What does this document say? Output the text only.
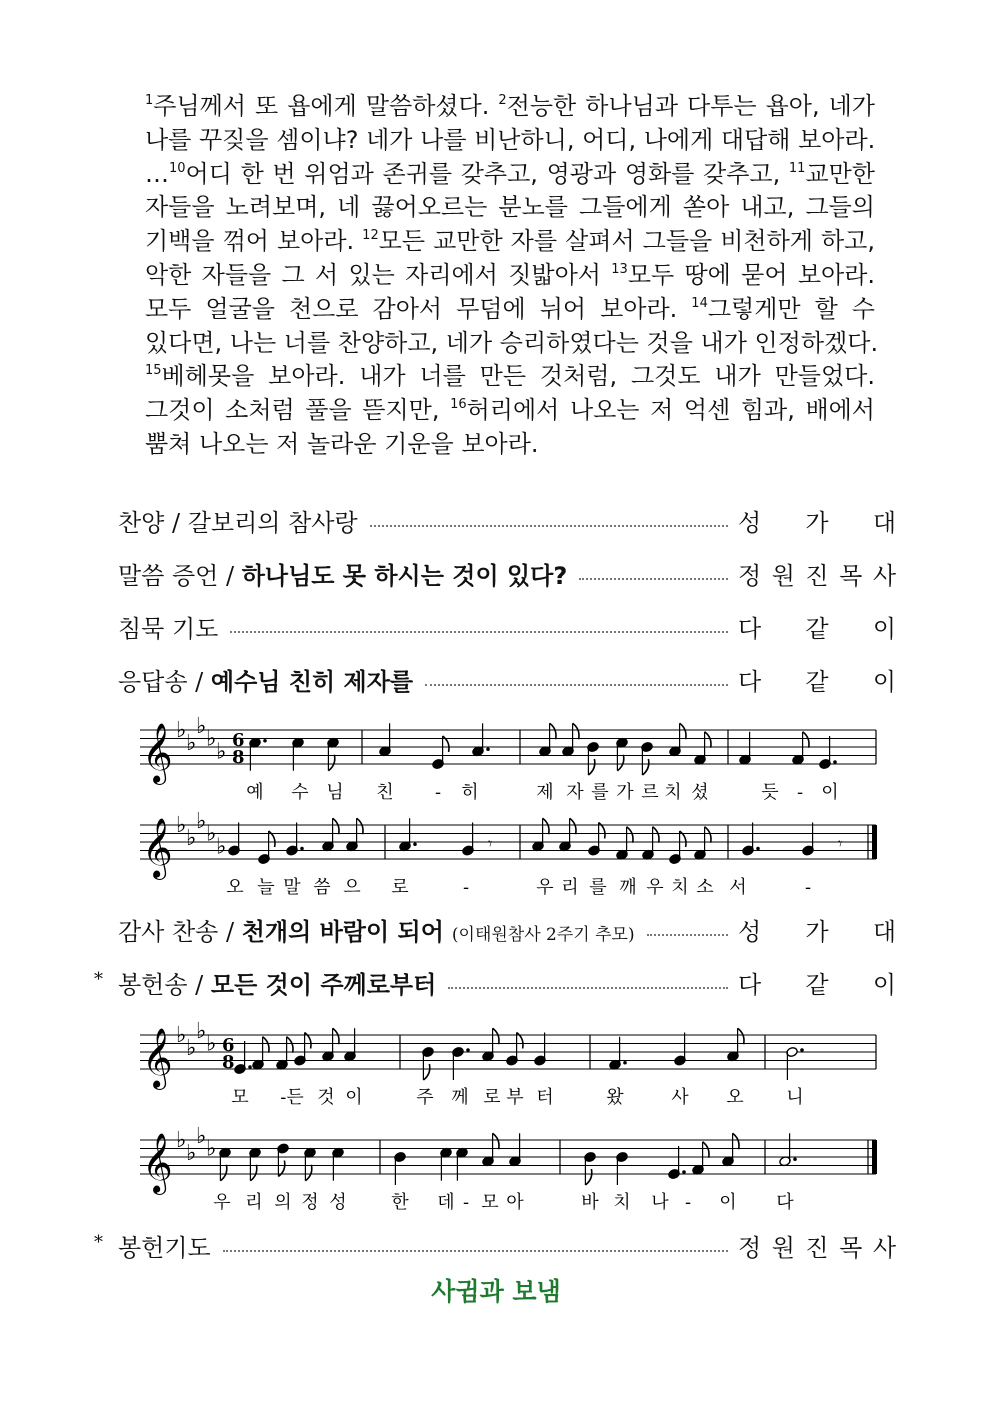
$^1$주님께서 또 욥에게 말씀하셨다. $^2$전능한 하나님과 다투는 욥아, 네가
나를 꾸짖을 셈이냐? 네가 나를 비난하니, 어디, 나에게 대답해 보아라.
…$^{10}$어디 한 번 위엄과 존귀를 갖추고, 영광과 영화를 갖추고, $^{11}$교만한
자들을 노려보며, 네 끓어오르는 분노를 그들에게 쏟아 내고, 그들의
기백을 꺾어 보아라. $^{12}$모든 교만한 자를 살펴서 그들을 비천하게 하고,
악한 자들을 그 서 있는 자리에서 짓밟아서 $^{13}$모두 땅에 묻어 보아라.
모두 얼굴을 천으로 감아서 무덤에 뉘어 보아라. $^{14}$그렇게만 할 수
있다면, 나는 너를 찬양하고, 네가 승리하였다는 것을 내가 인정하겠다.
$^{15}$베헤못을 보아라. 내가 너를 만든 것처럼, 그것도 내가 만들었다.
그것이 소처럼 풀을 뜯지만, $^{16}$허리에서 나오는 저 억센 힘과, 배에서
뿜쳐 나오는 저 놀라운 기운을 보아라.
찬양 / 갈보리의 참사랑	성 가 대
말씀 증언 / 하나님도 못 하시는 것이 있다?	정 원 진 목 사
침묵 기도	다 같 이
응답송 / 예수님 친히 제자를	다 같 이
𝄞 ♭
♭
♭
♭
♭ 6
8
예 수 님 친 - 히	제 자 를 가 르 치 셨	듯 - 이
𝄞 ♭
♭
♭
♭
♭	𝄾	𝄾
오 늘 말 씀 으 로	-	우 리 를 깨 우 치 소 서	-
감사 찬송 / 천개의 바람이 되어 (이태원참사 2주기 추모)	성 가 대
* 봉헌송 / 모든 것이 주께로부터	다 같 이
𝄞 ♭
♭
♭
♭ 6
8
모 -든 것 이	주 께 로 부 터	왔	사 오 니
𝄞 ♭
♭
♭
♭
우 리 의 정 성 한 데 - 모 아	바 치 나 - 이 다
* 봉헌기도	정 원 진 목 사
사귐과 보냄
